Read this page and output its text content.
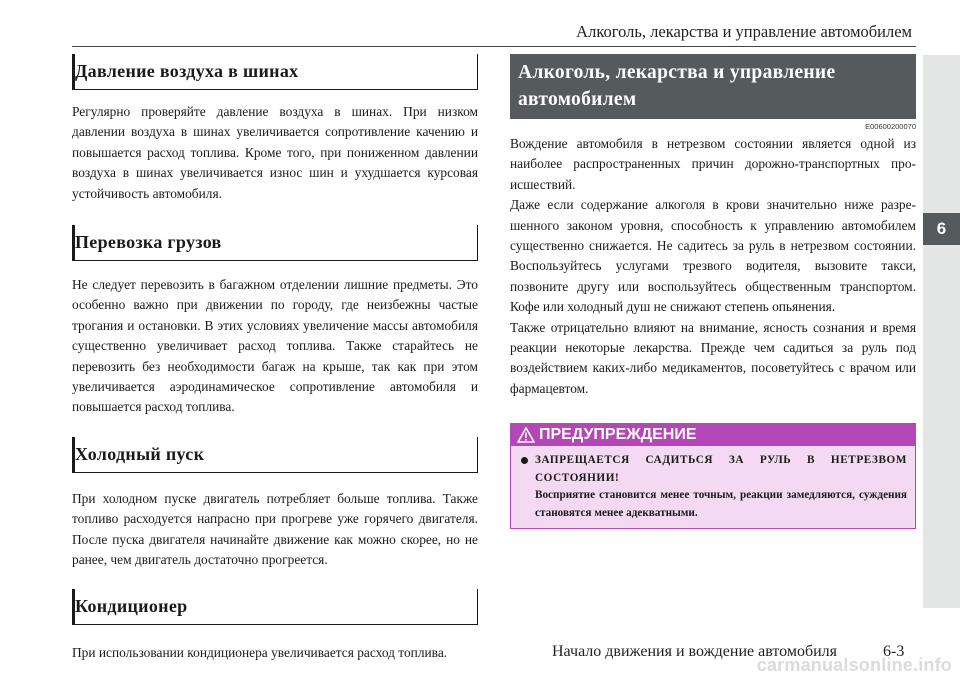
Алкоголь, лекарства и управление автомобилем
6
Давление воздуха в шинах

Регулярно проверяйте давление воздуха в шинах. При низком давлении воздуха в шинах увеличивается сопротивление качению и повышается расход топлива. Кроме того, при пониженном давлении воздуха в шинах увеличивается износ шин и ухудшается курсовая устойчивость автомобиля.

Перевозка грузов

Не следует перевозить в багажном отделении лишние предметы. Это особенно важно при движении по городу, где неизбежны частые трогания и остановки. В этих условиях увеличение массы автомобиля существенно увеличивает расход топлива. Также старайтесь не перевозить без необходимости багаж на крыше, так как при этом увеличивается аэродинамическое сопротивление автомобиля и повышается расход топлива.

Холодный пуск

При холодном пуске двигатель потребляет больше топлива. Также топливо расходуется напрасно при прогреве уже горячего двигателя. После пуска двигателя начинайте движение как можно скорее, но не ранее, чем двигатель достаточно прогреется.

Кондиционер

При использовании кондиционера увеличивается расход топлива.

Алкоголь, лекарства и управление автомобилем
E00600200070

Вождение автомобиля в нетрезвом состоянии является одной из наиболее распространенных причин дорожно-транспортных происшествий.

Даже если содержание алкоголя в крови значительно ниже разрешенного законом уровня, способность к управлению автомобилем существенно снижается. Не садитесь за руль в нетрезвом состоянии. Воспользуйтесь услугами трезвого водителя, вызовите такси, позвоните другу или воспользуйтесь общественным транспортом. Кофе или холодный душ не снижают степень опьянения.

Также отрицательно влияют на внимание, ясность сознания и время реакции некоторые лекарства. Прежде чем садиться за руль под воздействием каких-либо медикаментов, посоветуйтесь с врачом или фармацевтом.

ПРЕДУПРЕЖДЕНИЕ
ЗАПРЕЩАЕТСЯ САДИТЬСЯ ЗА РУЛЬ В НЕТРЕЗВОМ СОСТОЯНИИ!
Восприятие становится менее точным, реакции замедляются, суждения становятся менее адекватными.
Начало движения и вождение автомобиля	6-3
carmanualsonline.info
